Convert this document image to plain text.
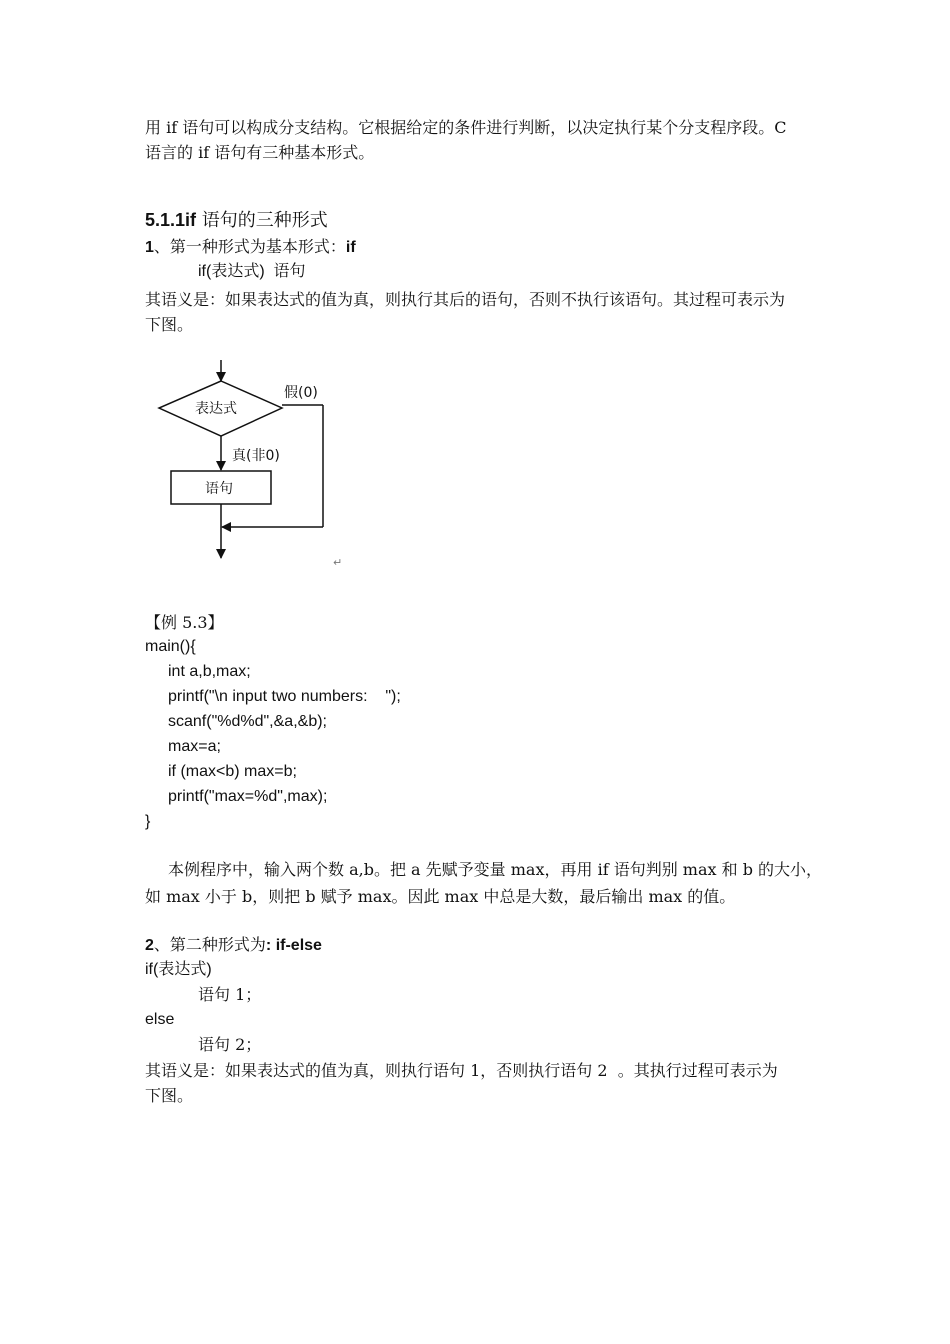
用 if 语句可以构成分支结构。它根据给定的条件进行判断，以决定执行某个分支程序段。C
语言的 if 语句有三种基本形式。
5.1.1if 语句的三种形式
1、第一种形式为基本形式：if
if(表达式)  语句
其语义是：如果表达式的值为真，则执行其后的语句，否则不执行该语句。其过程可表示为
下图。
表达式
假(0)
真(非0)
语句
↵
【例 5.3】
main(){
int a,b,max;
printf("\n input two numbers:    ");
scanf("%d%d",&a,&b);
max=a;
if (max<b) max=b;
printf("max=%d",max);
}
本例程序中，输入两个数 a,b。把 a 先赋予变量 max，再用 if 语句判别 max 和 b 的大小，
如 max 小于 b，则把 b 赋予 max。因此 max 中总是大数，最后输出 max 的值。
2、第二种形式为: if-else
if(表达式)
语句 1；
else
语句 2；
其语义是：如果表达式的值为真，则执行语句 1，否则执行语句 2  。其执行过程可表示为
下图。
